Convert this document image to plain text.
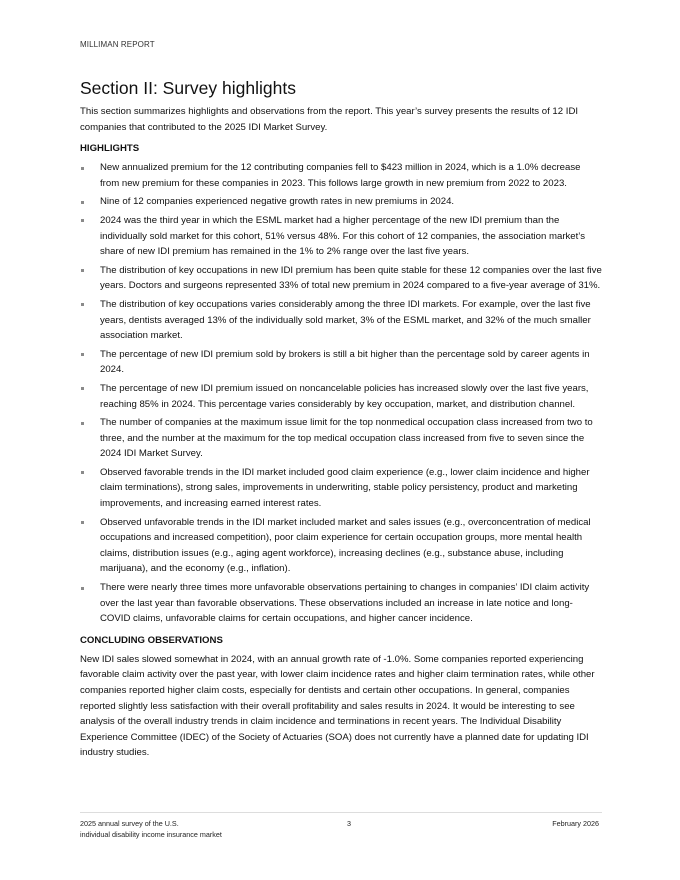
MILLIMAN REPORT
Section II: Survey highlights

This section summarizes highlights and observations from the report. This year’s survey presents the results of 12 IDI companies that contributed to the 2025 IDI Market Survey.

HIGHLIGHTS
New annualized premium for the 12 contributing companies fell to $423 million in 2024, which is a 1.0% decrease from new premium for these companies in 2023. This follows large growth in new premium from 2022 to 2023.
Nine of 12 companies experienced negative growth rates in new premiums in 2024.
2024 was the third year in which the ESML market had a higher percentage of the new IDI premium than the individually sold market for this cohort, 51% versus 48%. For this cohort of 12 companies, the association market’s share of new IDI premium has remained in the 1% to 2% range over the last five years.
The distribution of key occupations in new IDI premium has been quite stable for these 12 companies over the last five years. Doctors and surgeons represented 33% of total new premium in 2024 compared to a five-year average of 31%.
The distribution of key occupations varies considerably among the three IDI markets. For example, over the last five years, dentists averaged 13% of the individually sold market, 3% of the ESML market, and 32% of the much smaller association market.
The percentage of new IDI premium sold by brokers is still a bit higher than the percentage sold by career agents in 2024.
The percentage of new IDI premium issued on noncancelable policies has increased slowly over the last five years, reaching 85% in 2024. This percentage varies considerably by key occupation, market, and distribution channel.
The number of companies at the maximum issue limit for the top nonmedical occupation class increased from two to three, and the number at the maximum for the top medical occupation class increased from five to seven since the 2024 IDI Market Survey.
Observed favorable trends in the IDI market included good claim experience (e.g., lower claim incidence and higher claim terminations), strong sales, improvements in underwriting, stable policy persistency, product and marketing improvements, and increasing earned interest rates.
Observed unfavorable trends in the IDI market included market and sales issues (e.g., overconcentration of medical occupations and increased competition), poor claim experience for certain occupation groups, more mental health claims, distribution issues (e.g., aging agent workforce), increasing declines (e.g., substance abuse, including marijuana), and the economy (e.g., inflation).
There were nearly three times more unfavorable observations pertaining to changes in companies’ IDI claim activity over the last year than favorable observations. These observations included an increase in late notice and long-COVID claims, unfavorable claims for certain occupations, and higher cancer incidence.
CONCLUDING OBSERVATIONS

New IDI sales slowed somewhat in 2024, with an annual growth rate of -1.0%. Some companies reported experiencing favorable claim activity over the past year, with lower claim incidence rates and higher claim termination rates, while other companies reported higher claim costs, especially for dentists and certain other occupations. In general, companies reported slightly less satisfaction with their overall profitability and sales results in 2024. It would be interesting to see analysis of the overall industry trends in claim incidence and terminations in recent years. The Individual Disability Experience Committee (IDEC) of the Society of Actuaries (SOA) does not currently have a planned date for updating IDI industry studies.

2025 annual survey of the U.S.
individual disability income insurance market
3	February 2026
